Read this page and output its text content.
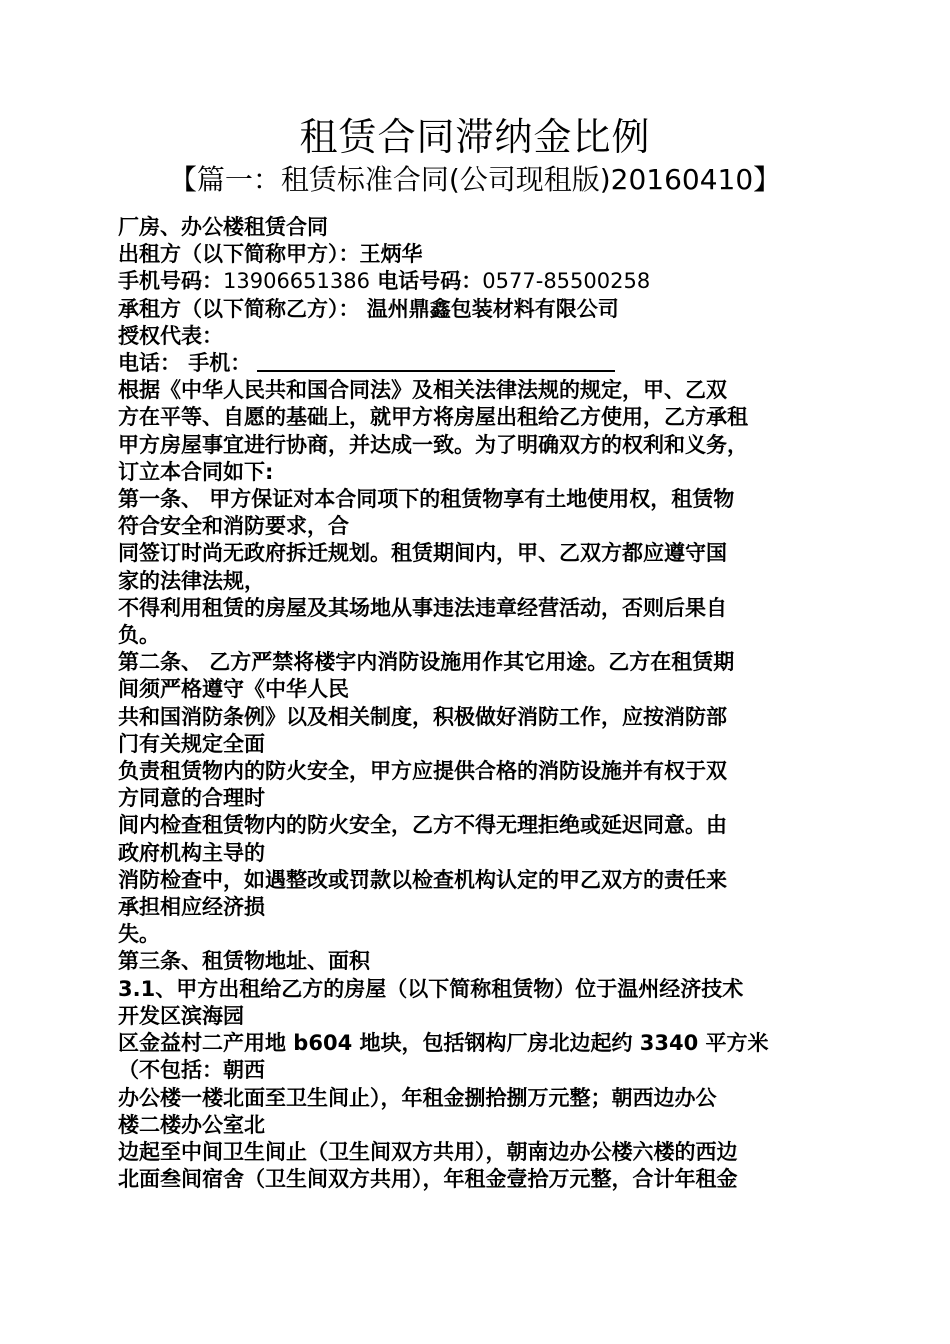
租赁合同滞纳金比例
【篇一：租赁标准合同(公司现租版)20160410】

厂房、办公楼租赁合同

出租方（以下简称甲方）：王炳华

手机号码：13906651386 电话号码：0577-85500258

承租方（以下简称乙方）： 温州鼎鑫包装材料有限公司

授权代表：

电话： 手机：

根据《中华人民共和国合同法》及相关法律法规的规定，甲、乙双

方在平等、自愿的基础上，就甲方将房屋出租给乙方使用，乙方承租

甲方房屋事宜进行协商，并达成一致。为了明确双方的权利和义务，

订立本合同如下:

第一条、 甲方保证对本合同项下的租赁物享有土地使用权，租赁物

符合安全和消防要求，合

同签订时尚无政府拆迁规划。租赁期间内，甲、乙双方都应遵守国

家的法律法规，

不得利用租赁的房屋及其场地从事违法违章经营活动，否则后果自

负。

第二条、 乙方严禁将楼宇内消防设施用作其它用途。乙方在租赁期

间须严格遵守《中华人民

共和国消防条例》以及相关制度，积极做好消防工作，应按消防部

门有关规定全面

负责租赁物内的防火安全，甲方应提供合格的消防设施并有权于双

方同意的合理时

间内检查租赁物内的防火安全，乙方不得无理拒绝或延迟同意。由

政府机构主导的

消防检查中，如遇整改或罚款以检查机构认定的甲乙双方的责任来

承担相应经济损

失。

第三条、租赁物地址、面积

3.1、甲方出租给乙方的房屋（以下简称租赁物）位于温州经济技术

开发区滨海园

区金益村二产用地 b604 地块，包括钢构厂房北边起约 3340 平方米

（不包括：朝西

办公楼一楼北面至卫生间止），年租金捌拾捌万元整；朝西边办公

楼二楼办公室北

边起至中间卫生间止（卫生间双方共用），朝南边办公楼六楼的西边

北面叁间宿舍（卫生间双方共用），年租金壹拾万元整，合计年租金
